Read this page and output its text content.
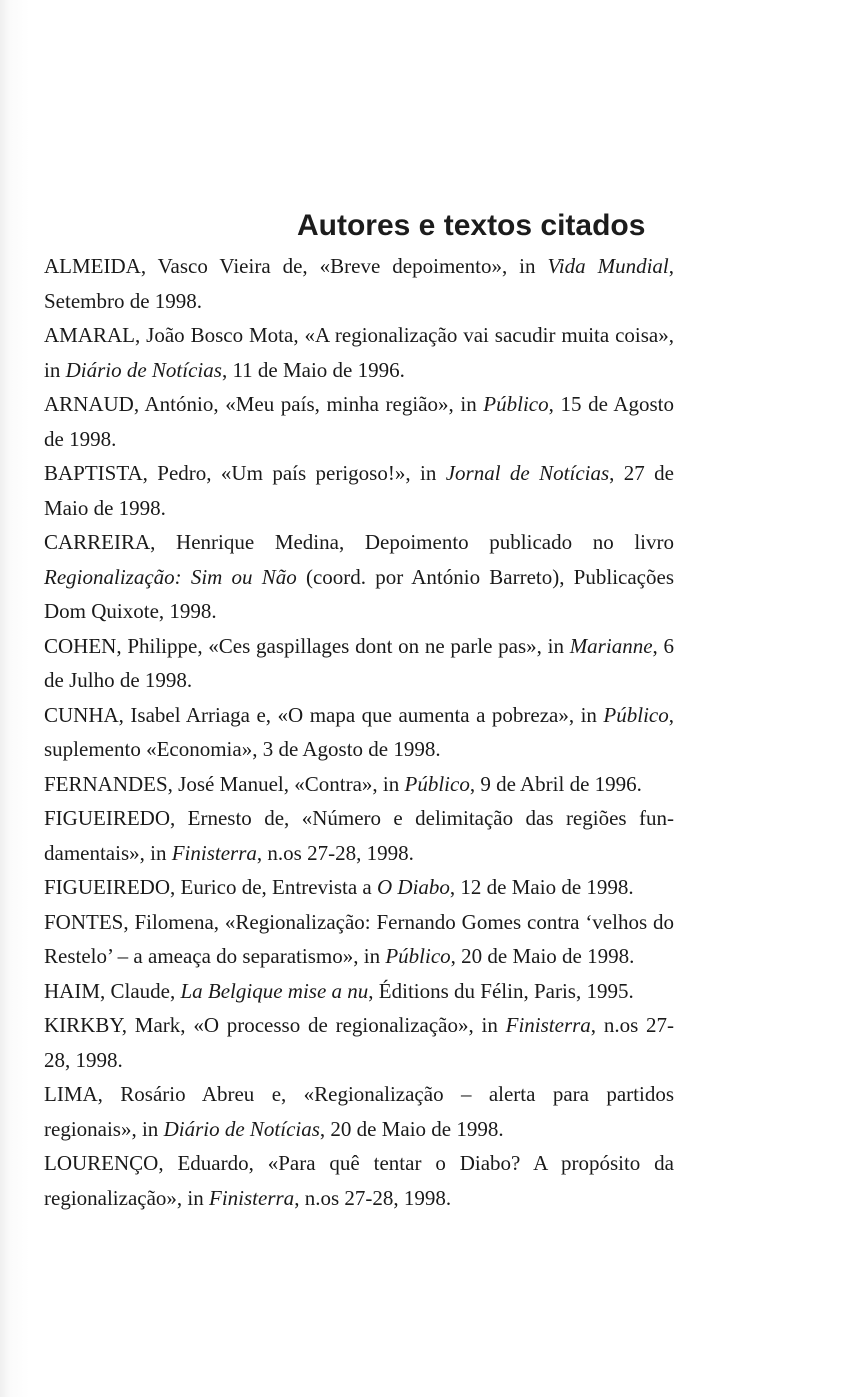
Autores e textos citados
ALMEIDA, Vasco Vieira de, «Breve depoimento», in Vida Mundial, Setembro de 1998.
AMARAL, João Bosco Mota, «A regionalização vai sacudir muita coisa», in Diário de Notícias, 11 de Maio de 1996.
ARNAUD, António, «Meu país, minha região», in Público, 15 de Agosto de 1998.
BAPTISTA, Pedro, «Um país perigoso!», in Jornal de Notícias, 27 de Maio de 1998.
CARREIRA, Henrique Medina, Depoimento publicado no livro Regionalização: Sim ou Não (coord. por António Barreto), Publicações Dom Quixote, 1998.
COHEN, Philippe, «Ces gaspillages dont on ne parle pas», in Marianne, 6 de Julho de 1998.
CUNHA, Isabel Arriaga e, «O mapa que aumenta a pobreza», in Público, suplemento «Economia», 3 de Agosto de 1998.
FERNANDES, José Manuel, «Contra», in Público, 9 de Abril de 1996.
FIGUEIREDO, Ernesto de, «Número e delimitação das regiões fundamentais», in Finisterra, n.os 27-28, 1998.
FIGUEIREDO, Eurico de, Entrevista a O Diabo, 12 de Maio de 1998.
FONTES, Filomena, «Regionalização: Fernando Gomes contra ‘velhos do Restelo’ – a ameaça do separatismo», in Público, 20 de Maio de 1998.
HAIM, Claude, La Belgique mise a nu, Éditions du Félin, Paris, 1995.
KIRKBY, Mark, «O processo de regionalização», in Finisterra, n.os 27-28, 1998.
LIMA, Rosário Abreu e, «Regionalização – alerta para partidos regionais», in Diário de Notícias, 20 de Maio de 1998.
LOURENÇO, Eduardo, «Para quê tentar o Diabo? A propósito da regionalização», in Finisterra, n.os 27-28, 1998.
